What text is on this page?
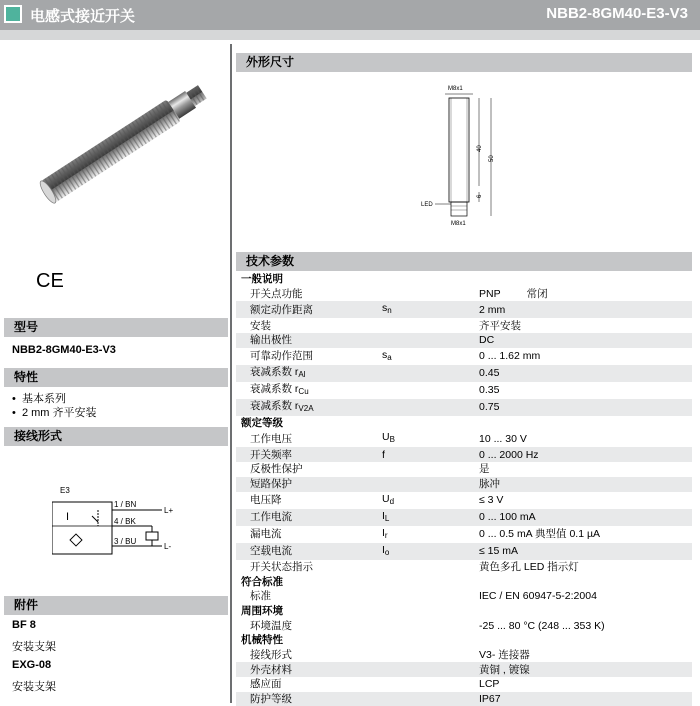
电感式接近开关	NBB2-8GM40-E3-V3
CE
型号
NBB2-8GM40-E3-V3
特性
•  基本系列
•  2 mm 齐平安装
接线形式
E3
I
1 / BN
4 / BK
3 / BU
L+
L-
附件
BF 8
安装支架
EXG-08
安装支架
外形尺寸
M8x1
40
50
6
LED
M8x1
技术参数
一般说明			
开关点功能			PNP 常闭
额定动作距离	$s_n$		2 mm
安装			齐平安装
输出极性			DC
可靠动作范围	$s_a$		0 ... 1.62 mm
衰减系数 $r_{Al}$			0.45
衰减系数 $r_{Cu}$			0.35
衰减系数 $r_{V2A}$			0.75
额定等级			
工作电压	$U_B$		10 ... 30 V
开关频率	f		0 ... 2000 Hz
反极性保护			是
短路保护			脉冲
电压降	$U_d$		≤ 3 V
工作电流	$I_L$		0 ... 100 mA
漏电流	$I_r$		0 ... 0.5 mA 典型值 0.1 µA
空载电流	$I_o$		≤ 15 mA
开关状态指示			黄色多孔 LED 指示灯
符合标准			
标准			IEC / EN 60947-5-2:2004
周围环境			
环境温度			-25 ... 80 °C (248 ... 353 K)
机械特性			
接线形式			V3- 连接器
外壳材料			黄铜 , 镀镍
感应面			LCP
防护等级			IP67
